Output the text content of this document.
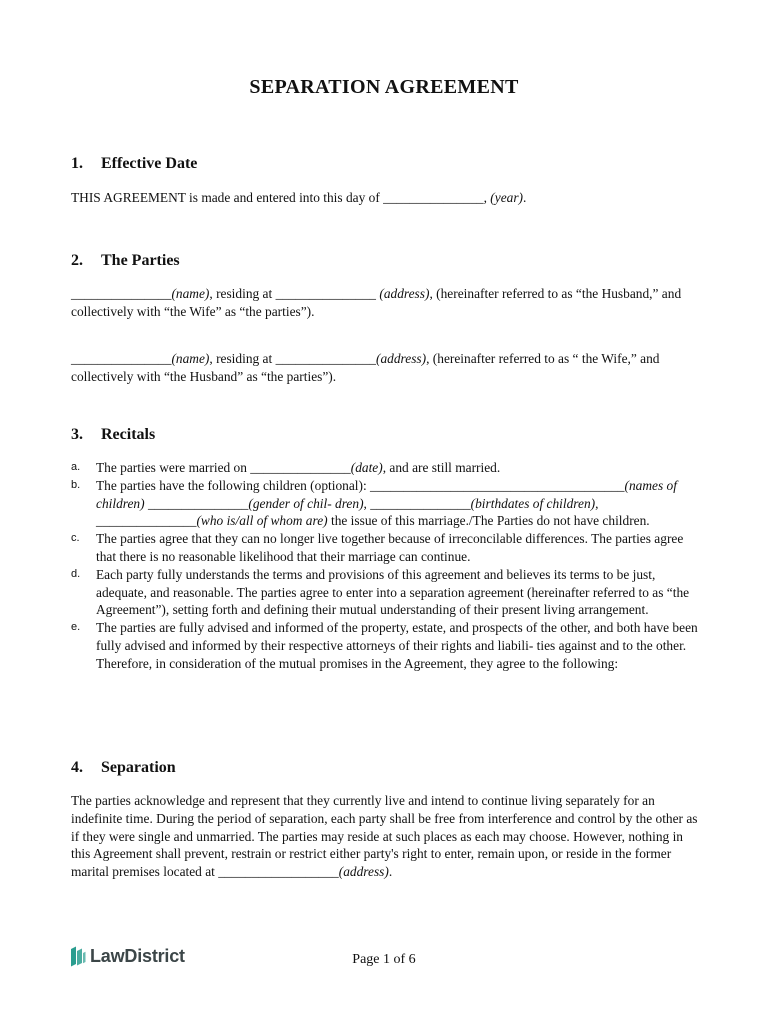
SEPARATION AGREEMENT
1. Effective Date
THIS AGREEMENT is made and entered into this day of _______________, (year).
2. The Parties
_______________(name), residing at _______________ (address), (hereinafter referred to as “the Husband,” and collectively with “the Wife” as “the parties”).
_______________(name), residing at _______________(address), (hereinafter referred to as “ the Wife,” and collectively with “the Husband” as “the parties”).
3. Recitals

a. The parties were married on _______________(date), and are still married.

b. The parties have the following children (optional): ______________________________________(names of children) _______________(gender of chil- dren), _______________(birthdates of children), _______________(who is/all of whom are) the issue of this marriage./The Parties do not have children.

c. The parties agree that they can no longer live together because of irreconcilable differences. The parties agree that there is no reasonable likelihood that their marriage can continue.

d. Each party fully understands the terms and provisions of this agreement and believes its terms to be just, adequate, and reasonable. The parties agree to enter into a separation agreement (hereinafter referred to as “the Agreement”), setting forth and defining their mutual understanding of their present living arrangement.

e. The parties are fully advised and informed of the property, estate, and prospects of the other, and both have been fully advised and informed by their respective attorneys of their rights and liabili- ties against and to the other. Therefore, in consideration of the mutual promises in the Agreement, they agree to the following:

4. Separation
The parties acknowledge and represent that they currently live and intend to continue living separately for an indefinite time. During the period of separation, each party shall be free from interference and control by the other as if they were single and unmarried. The parties may reside at such places as each may choose. However, nothing in this Agreement shall prevent, restrain or restrict either party's right to enter, remain upon, or reside in the former marital premises located at __________________(address).
LawDistrict	Page 1 of 6
